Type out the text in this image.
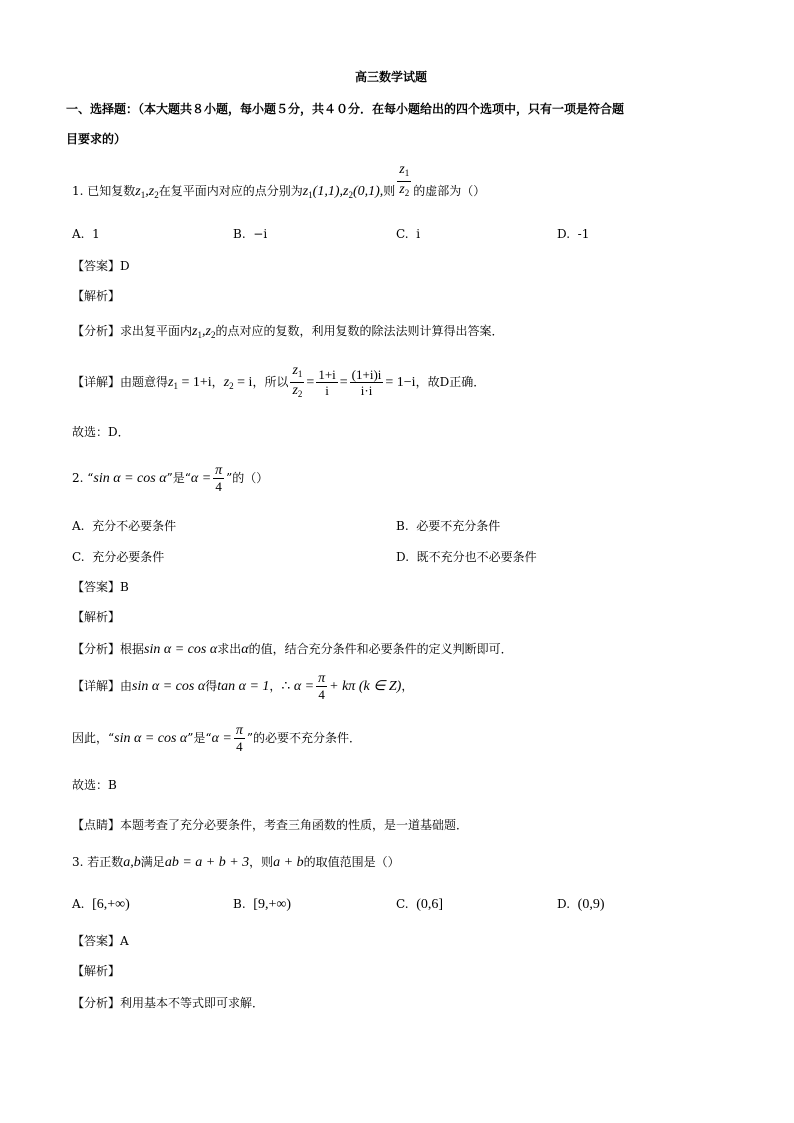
高三数学试题
一、选择题：（本大题共８小题，每小题５分，共４０分．在每小题给出的四个选项中，只有一项是符合题
目要求的）
1. 已知复数$z_1,z_2$在复平面内对应的点分别为$z_1(1,1),z_2(0,1)$,则 $\frac{z_1}{z_2}$ 的虚部为（）
A. 1	B. −i	C. i	D. -1
【答案】D
【解析】
【分析】求出复平面内$z_1,z_2$的点对应的复数，利用复数的除法法则计算得出答案．
【详解】由题意得$z_1 = 1+i$，$z_2 = i$，所以 $\frac{z_1}{z_2} = \frac{1+i}{i} = \frac{(1+i)i}{i\cdot i} = 1-i$，故D正确．
故选：D．
2. “sin α = cos α”是“$\alpha = \frac{\pi}{4}$ ”的（）
A. 充分不必要条件	B. 必要不充分条件
C. 充分必要条件	D. 既不充分也不必要条件
【答案】B
【解析】
【分析】根据sin α = cos α求出α的值，结合充分条件和必要条件的定义判断即可．
【详解】由sin α = cos α得tan α = 1，∴ $\alpha = \frac{\pi}{4} + k\pi$ (k ∈ Z)，
因此，“sin α = cos α”是“$\alpha = \frac{\pi}{4}$ ”的必要不充分条件．
故选：B
【点睛】本题考查了充分必要条件，考查三角函数的性质，是一道基础题．
3. 若正数a,b满足ab = a + b + 3，则a + b的取值范围是（）
A. [6,+∞)	B. [9,+∞)	C. (0,6]	D. (0,9)
【答案】A
【解析】
【分析】利用基本不等式即可求解．
